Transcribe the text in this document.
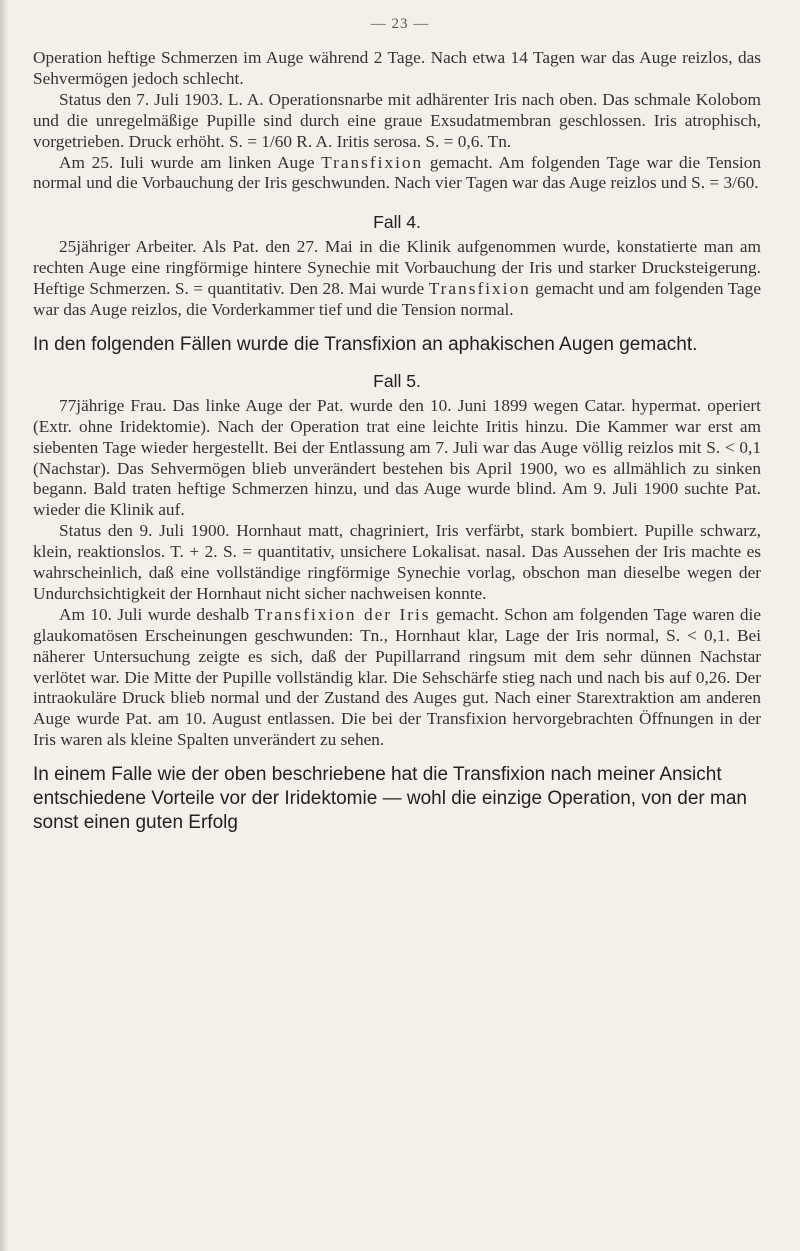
— 23 —

Operation heftige Schmerzen im Auge während 2 Tage. Nach etwa 14 Tagen war das Auge reizlos, das Sehvermögen jedoch schlecht.

Status den 7. Juli 1903. L. A. Operationsnarbe mit adhärenter Iris nach oben. Das schmale Kolobom und die unregelmäßige Pupille sind durch eine graue Exsudatmembran geschlossen. Iris atrophisch, vorgetrieben. Druck erhöht. S. = 1/60 R. A. Iritis serosa. S. = 0,6. Tn.

Am 25. Iuli wurde am linken Auge Transfixion gemacht. Am folgenden Tage war die Tension normal und die Vorbauchung der Iris geschwunden. Nach vier Tagen war das Auge reizlos und S. = 3/60.

Fall 4.

25jähriger Arbeiter. Als Pat. den 27. Mai in die Klinik aufgenommen wurde, konstatierte man am rechten Auge eine ringförmige hintere Synechie mit Vorbauchung der Iris und starker Drucksteigerung. Heftige Schmerzen. S. = quantitativ. Den 28. Mai wurde Transfixion gemacht und am folgenden Tage war das Auge reizlos, die Vorderkammer tief und die Tension normal.

In den folgenden Fällen wurde die Transfixion an aphakischen Augen gemacht.

Fall 5.

77jährige Frau. Das linke Auge der Pat. wurde den 10. Juni 1899 wegen Catar. hypermat. operiert (Extr. ohne Iridektomie). Nach der Operation trat eine leichte Iritis hinzu. Die Kammer war erst am siebenten Tage wieder hergestellt. Bei der Entlassung am 7. Juli war das Auge völlig reizlos mit S. < 0,1 (Nachstar). Das Sehvermögen blieb unverändert bestehen bis April 1900, wo es allmählich zu sinken begann. Bald traten heftige Schmerzen hinzu, und das Auge wurde blind. Am 9. Juli 1900 suchte Pat. wieder die Klinik auf.

Status den 9. Juli 1900. Hornhaut matt, chagriniert, Iris verfärbt, stark bombiert. Pupille schwarz, klein, reaktionslos. T. + 2. S. = quantitativ, unsichere Lokalisat. nasal. Das Aussehen der Iris machte es wahrscheinlich, daß eine vollständige ringförmige Synechie vorlag, obschon man dieselbe wegen der Undurchsichtigkeit der Hornhaut nicht sicher nachweisen konnte.

Am 10. Juli wurde deshalb Transfixion der Iris gemacht. Schon am folgenden Tage waren die glaukomatösen Erscheinungen geschwunden: Tn., Hornhaut klar, Lage der Iris normal, S. < 0,1. Bei näherer Untersuchung zeigte es sich, daß der Pupillarrand ringsum mit dem sehr dünnen Nachstar verlötet war. Die Mitte der Pupille vollständig klar. Die Sehschärfe stieg nach und nach bis auf 0,26. Der intraokuläre Druck blieb normal und der Zustand des Auges gut. Nach einer Starextraktion am anderen Auge wurde Pat. am 10. August entlassen. Die bei der Transfixion hervorgebrachten Öffnungen in der Iris waren als kleine Spalten unverändert zu sehen.

In einem Falle wie der oben beschriebene hat die Transfixion nach meiner Ansicht entschiedene Vorteile vor der Iridektomie — wohl die einzige Operation, von der man sonst einen guten Erfolg
